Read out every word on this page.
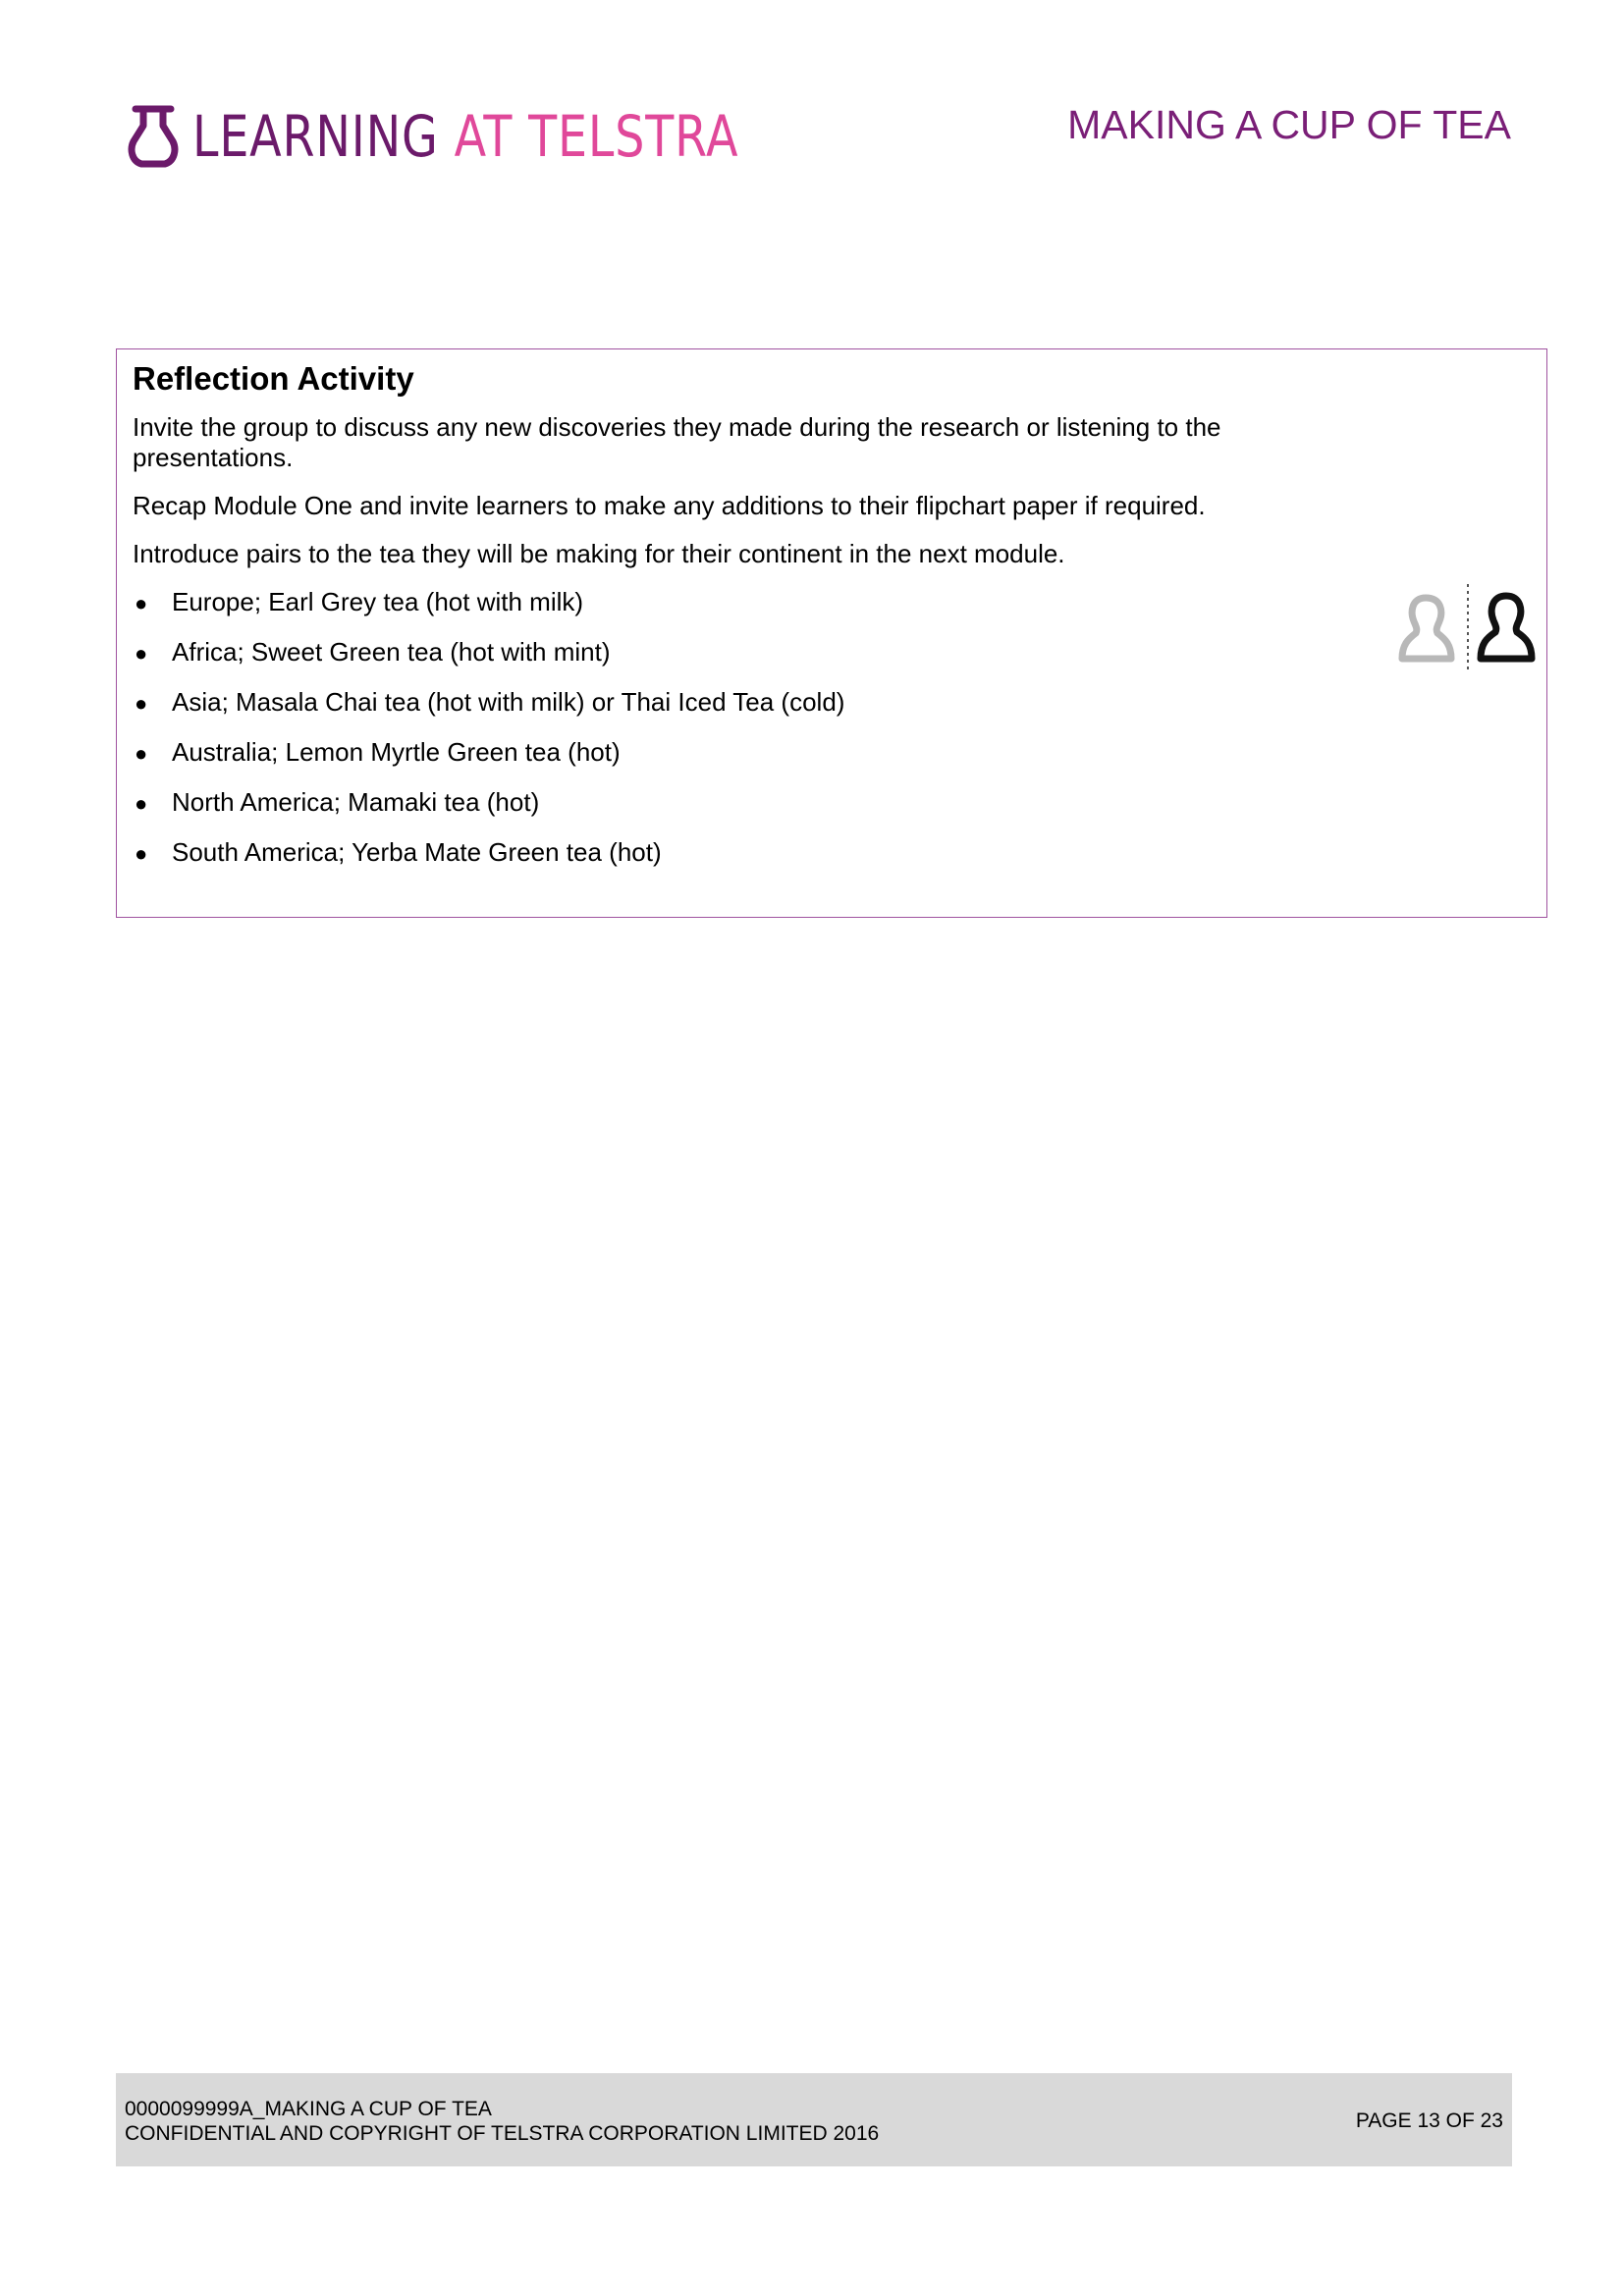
LEARNING AT TELSTRA	MAKING A CUP OF TEA
Reflection Activity

Invite the group to discuss any new discoveries they made during the research or listening to the presentations.

Recap Module One and invite learners to make any additions to their flipchart paper if required.

Introduce pairs to the tea they will be making for their continent in the next module.

● Europe; Earl Grey tea (hot with milk)
● Africa; Sweet Green tea (hot with mint)
● Asia; Masala Chai tea (hot with milk) or Thai Iced Tea (cold)
● Australia; Lemon Myrtle Green tea (hot)
● North America; Mamaki tea (hot)
● South America; Yerba Mate Green tea (hot)
0000099999A_MAKING A CUP OF TEA
CONFIDENTIAL AND COPYRIGHT OF TELSTRA CORPORATION LIMITED 2016
PAGE 13 OF 23
